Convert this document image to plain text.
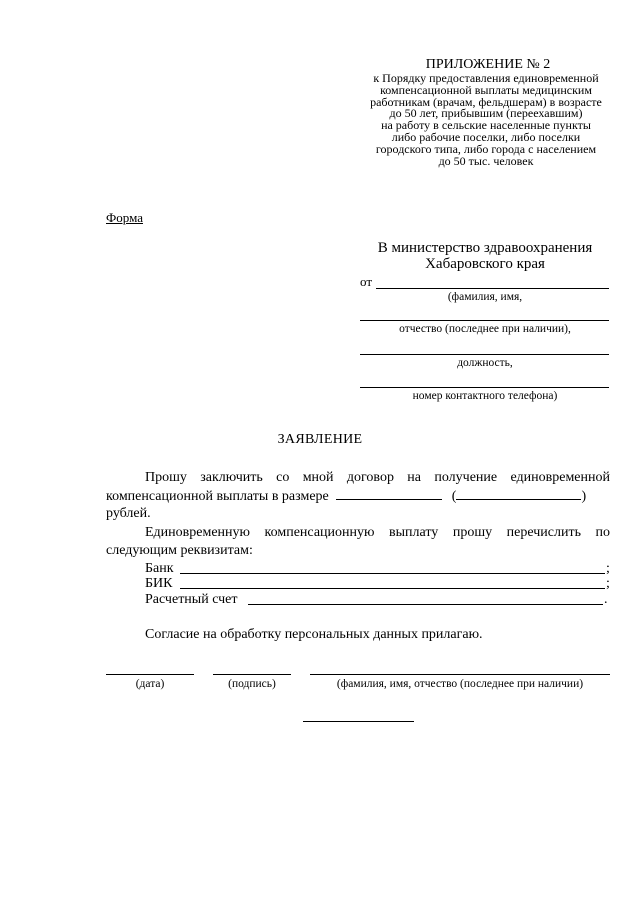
ПРИЛОЖЕНИЕ № 2
к Порядку предоставления единовременной
компенсационной выплаты медицинским
работникам (врачам, фельдшерам) в возрасте
до 50 лет, прибывшим (переехавшим)
на работу в сельские населенные пункты
либо рабочие поселки, либо поселки
городского типа, либо города с населением
до 50 тыс. человек
Форма
В министерство здравоохранения
Хабаровского края
от
(фамилия, имя,
отчество (последнее при наличии),
должность,
номер контактного телефона)
ЗАЯВЛЕНИЕ
Прошу заключить со мной договор на получение единовременной
компенсационной выплаты в размере	(	)
рублей.
Единовременную компенсационную выплату прошу перечислить по
следующим реквизитам:
Банк	;
БИК	;
Расчетный счет	.
Согласие на обработку персональных данных прилагаю.
(дата)	(подпись)	(фамилия, имя, отчество (последнее при наличии)
